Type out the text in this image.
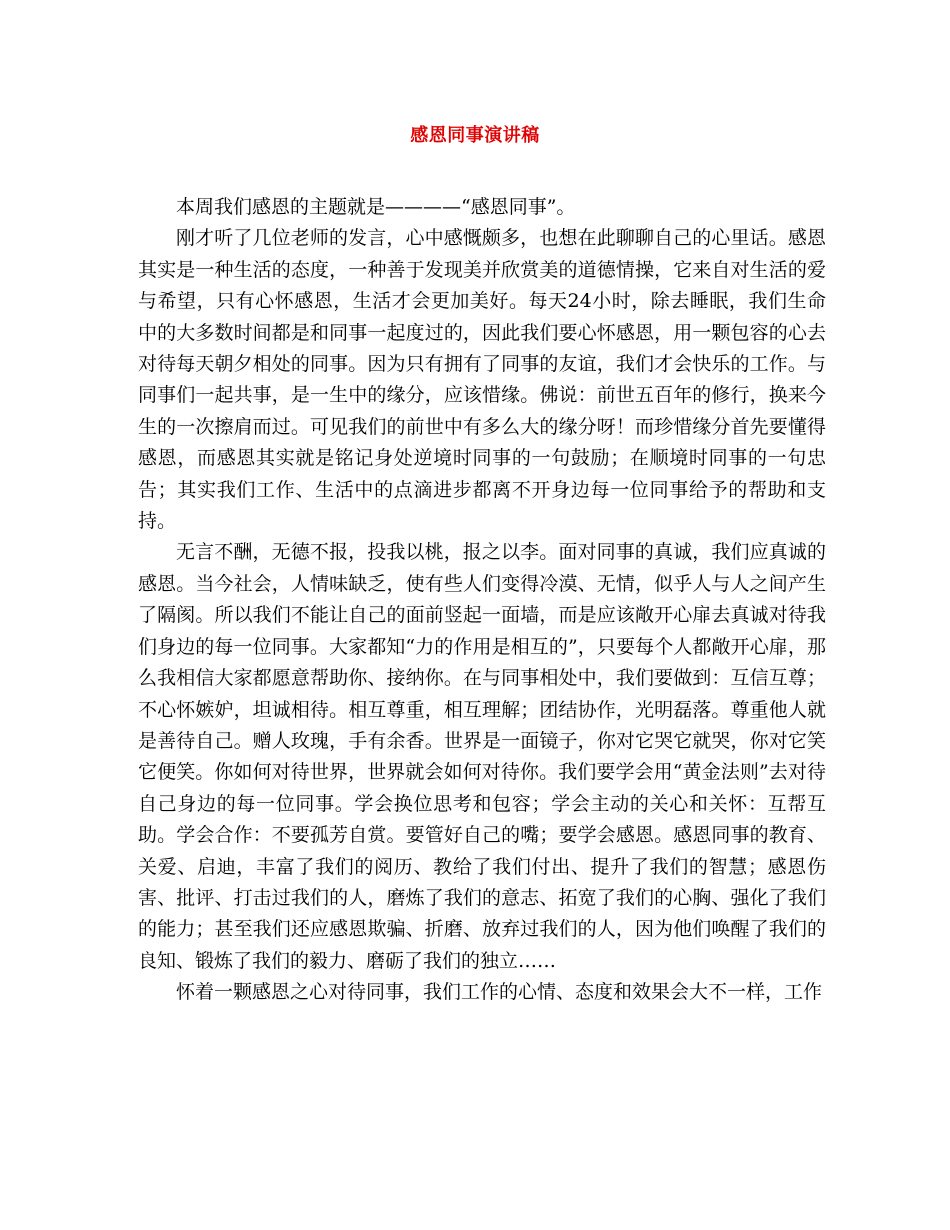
感恩同事演讲稿

本周我们感恩的主题就是————“感恩同事”。

刚才听了几位老师的发言，心中感慨颇多，也想在此聊聊自己的心里话。感恩其实是一种生活的态度，一种善于发现美并欣赏美的道德情操，它来自对生活的爱与希望，只有心怀感恩，生活才会更加美好。每天24小时，除去睡眠，我们生命中的大多数时间都是和同事一起度过的，因此我们要心怀感恩，用一颗包容的心去对待每天朝夕相处的同事。因为只有拥有了同事的友谊，我们才会快乐的工作。与同事们一起共事，是一生中的缘分，应该惜缘。佛说：前世五百年的修行，换来今生的一次擦肩而过。可见我们的前世中有多么大的缘分呀！而珍惜缘分首先要懂得感恩，而感恩其实就是铭记身处逆境时同事的一句鼓励；在顺境时同事的一句忠告；其实我们工作、生活中的点滴进步都离不开身边每一位同事给予的帮助和支持。

无言不酬，无德不报，投我以桃，报之以李。面对同事的真诚，我们应真诚的感恩。当今社会，人情味缺乏，使有些人们变得冷漠、无情，似乎人与人之间产生了隔阂。所以我们不能让自己的面前竖起一面墙，而是应该敞开心扉去真诚对待我们身边的每一位同事。大家都知“力的作用是相互的”，只要每个人都敞开心扉，那么我相信大家都愿意帮助你、接纳你。在与同事相处中，我们要做到：互信互尊；不心怀嫉妒，坦诚相待。相互尊重，相互理解；团结协作，光明磊落。尊重他人就是善待自己。赠人玫瑰，手有余香。世界是一面镜子，你对它哭它就哭，你对它笑它便笑。你如何对待世界，世界就会如何对待你。我们要学会用“黄金法则”去对待自己身边的每一位同事。学会换位思考和包容；学会主动的关心和关怀：互帮互助。学会合作：不要孤芳自赏。要管好自己的嘴；要学会感恩。感恩同事的教育、关爱、启迪，丰富了我们的阅历、教给了我们付出、提升了我们的智慧；感恩伤害、批评、打击过我们的人，磨炼了我们的意志、拓宽了我们的心胸、强化了我们的能力；甚至我们还应感恩欺骗、折磨、放弃过我们的人，因为他们唤醒了我们的良知、锻炼了我们的毅力、磨砺了我们的独立……

怀着一颗感恩之心对待同事，我们工作的心情、态度和效果会大不一样，工作
